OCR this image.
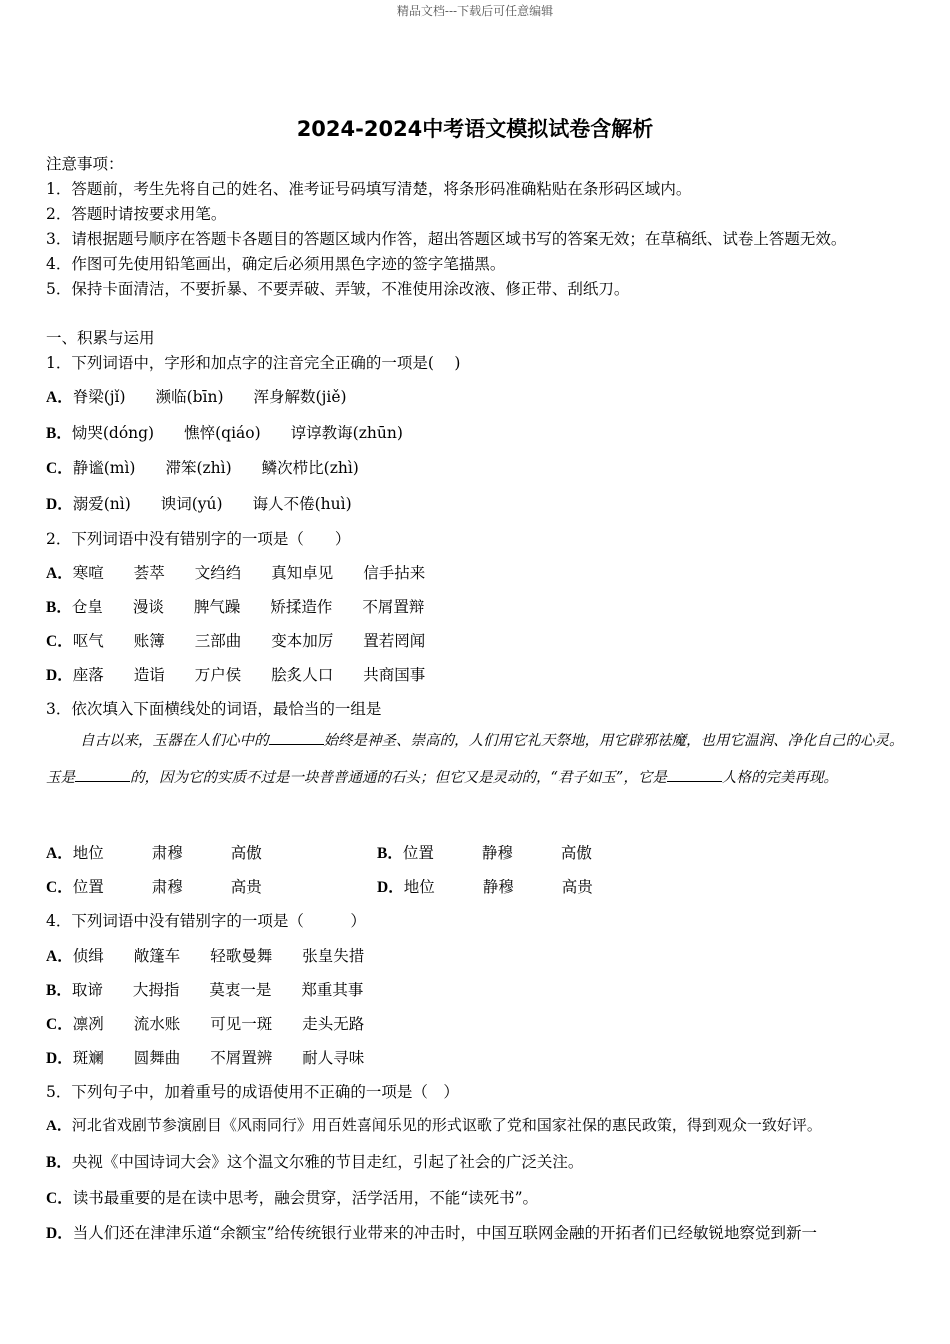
精品文档---下载后可任意编辑
2024-2024中考语文模拟试卷含解析
注意事项：
1．答题前，考生先将自己的姓名、准考证号码填写清楚，将条形码准确粘贴在条形码区域内。
2．答题时请按要求用笔。
3．请根据题号顺序在答题卡各题目的答题区域内作答，超出答题区域书写的答案无效；在草稿纸、试卷上答题无效。
4．作图可先使用铅笔画出，确定后必须用黑色字迹的签字笔描黑。
5．保持卡面清洁，不要折暴、不要弄破、弄皱，不准使用涂改液、修正带、刮纸刀。
一、积累与运用
1．下列词语中，字形和加点字的注音完全正确的一项是(　 )
A．脊梁(jǐ) 濒临(bīn) 浑身解数(jiě)
B．恸哭(dóng) 憔悴(qiáo) 谆谆教诲(zhūn)
C．静谧(mì) 滞笨(zhì) 鳞次栉比(zhì)
D．溺爱(nì) 谀词(yú) 诲人不倦(huì)
2．下列词语中没有错别字的一项是（　　）
A．寒喧 荟萃 文绉绉 真知卓见 信手拈来
B．仓皇 漫谈 脾气躁 矫揉造作 不屑置辩
C．呕气 账簿 三部曲 变本加厉 置若罔闻
D．座落 造诣 万户侯 脍炙人口 共商国事
3．依次填入下面横线处的词语，最恰当的一组是
自古以来，玉器在人们心中的	始终是神圣、崇高的，人们用它礼天祭地，用它辟邪祛魔，也用它温润、净化自己的心灵。玉是	的，因为它的实质不过是一块普普通通的石头；但它又是灵动的，“君子如玉”，它是	人格的完美再现。
A．地位	肃穆	高傲	B．位置	静穆	高傲
C．位置	肃穆	高贵	D．地位	静穆	高贵
4．下列词语中没有错别字的一项是（　　　）
A．侦缉 敞篷车 轻歌曼舞 张皇失措
B．取谛 大拇指 莫衷一是 郑重其事
C．凛冽 流水账 可见一斑 走头无路
D．斑斓 圆舞曲 不屑置辨 耐人寻味
5．下列句子中，加着重号的成语使用不正确的一项是（　）
A．河北省戏剧节参演剧目《风雨同行》用百姓喜闻乐见的形式讴歌了党和国家社保的惠民政策，得到观众一致好评。
B．央视《中国诗词大会》这个温文尔雅的节目走红，引起了社会的广泛关注。
C．读书最重要的是在读中思考，融会贯穿，活学活用，不能“读死书”。
D．当人们还在津津乐道“余额宝”给传统银行业带来的冲击时，中国互联网金融的开拓者们已经敏锐地察觉到新一
